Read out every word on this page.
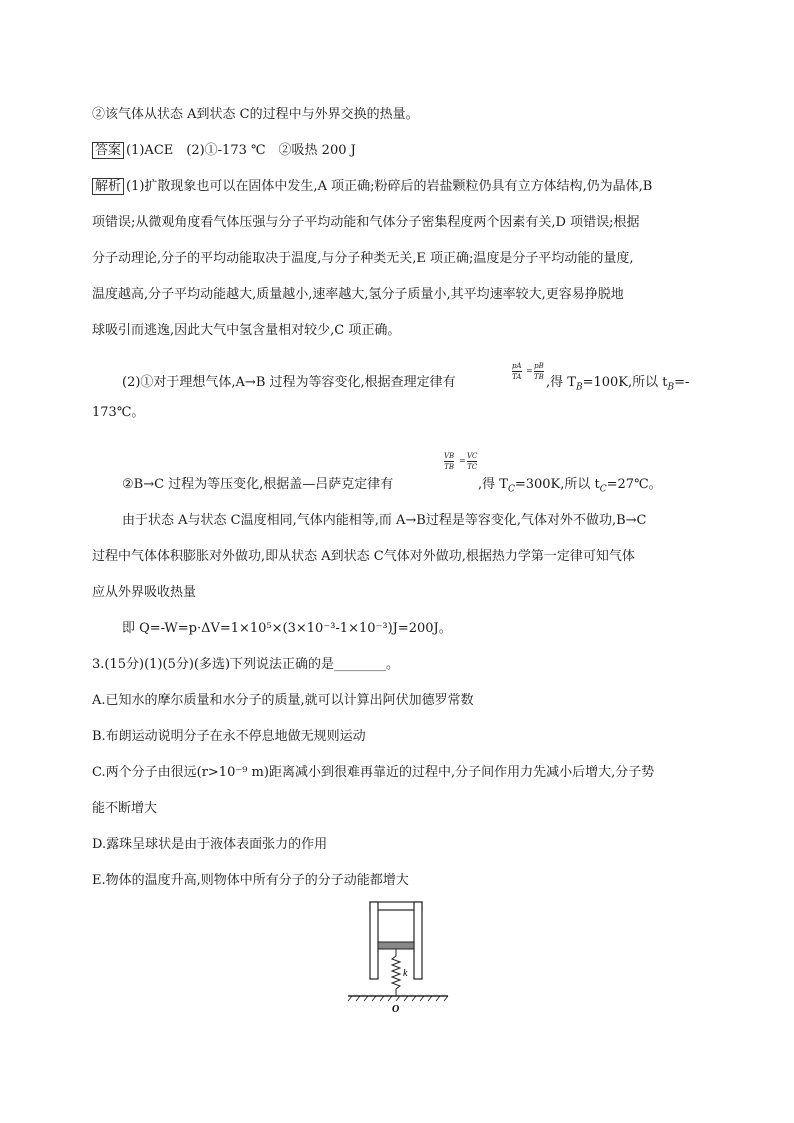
②该气体从状态 A到状态 C的过程中与外界交换的热量。
答案 (1)ACE　(2)①-173 ℃　②吸热 200 J
解析 (1)扩散现象也可以在固体中发生,A 项正确;粉碎后的岩盐颗粒仍具有立方体结构,仍为晶体,B
项错误;从微观角度看气体压强与分子平均动能和气体分子密集程度两个因素有关,D 项错误;根据
分子动理论,分子的平均动能取决于温度,与分子种类无关,E 项正确;温度是分子平均动能的量度,
温度越高,分子平均动能越大,质量越小,速率越大,氢分子质量小,其平均速率较大,更容易挣脱地
球吸引而逃逸,因此大气中氢含量相对较少,C 项正确。
(2)①对于理想气体,A→B 过程为等容变化,根据查理定律有
pA
TA
= pB
TB ,得 $T_B=100K$,所以 $t_B=-$
173℃。
②B→C 过程为等压变化,根据盖—吕萨克定律有
VB
TB
= VC
TC
,得 $T_C=300K$,所以 $t_C=27℃$。
由于状态 A与状态 C温度相同,气体内能相等,而 A→B过程是等容变化,气体对外不做功,B→C
过程中气体体积膨胀对外做功,即从状态 A到状态 C气体对外做功,根据热力学第一定律可知气体
应从外界吸收热量
即 Q=-W=p·ΔV=1×10⁵×(3×10⁻³-1×10⁻³)J=200J。
3.(15分)(1)(5分)(多选)下列说法正确的是________。
A.已知水的摩尔质量和水分子的质量,就可以计算出阿伏加德罗常数
B.布朗运动说明分子在永不停息地做无规则运动
C.两个分子由很远(r>10⁻⁹ m)距离减小到很难再靠近的过程中,分子间作用力先减小后增大,分子势
能不断增大
D.露珠呈球状是由于液体表面张力的作用
E.物体的温度升高,则物体中所有分子的分子动能都增大
k
O
